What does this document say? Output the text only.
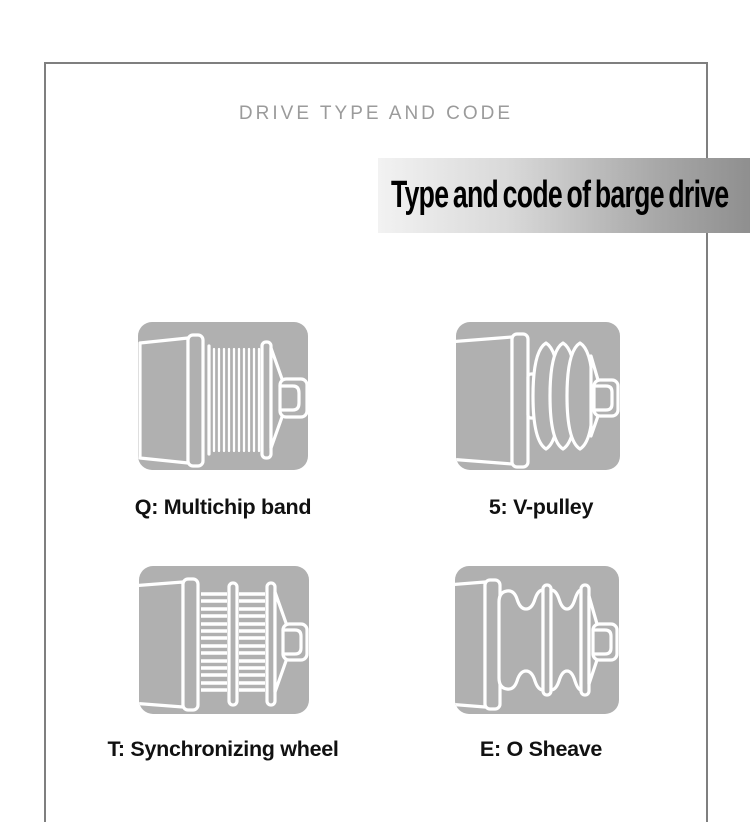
DRIVE TYPE AND CODE
Type and code of barge drive
Q: Multichip band	5: V-pulley
T: Synchronizing wheel	E: O Sheave
